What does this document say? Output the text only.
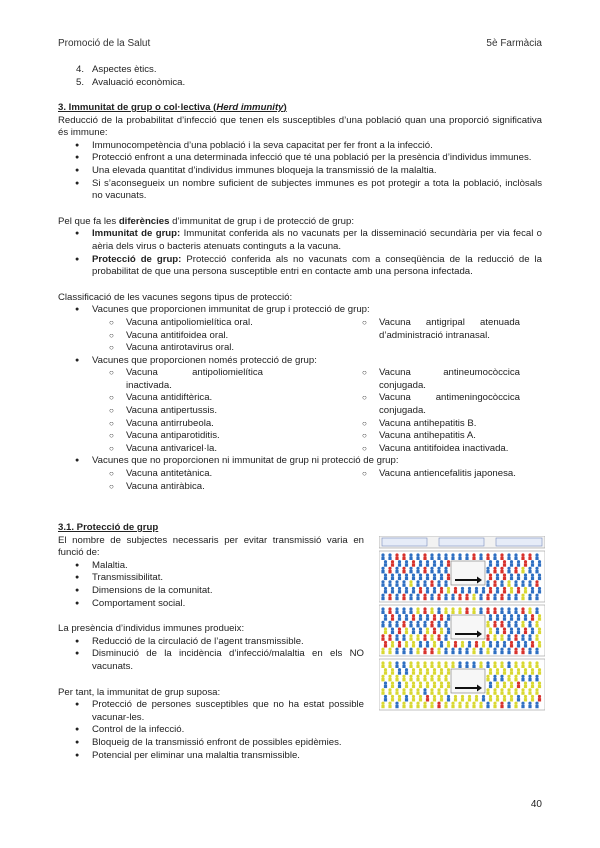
Promoció de la Salut	5è Farmàcia
4. Aspectes ètics.
5. Avaluació econòmica.

3. Immunitat de grup o col·lectiva (Herd immunity)

Reducció de la probabilitat d’infecció que tenen els susceptibles d’una població quan una proporció significativa és immune:

● Immunocompetència d’una població i la seva capacitat per fer front a la infecció.
● Protecció enfront a una determinada infecció que té una població per la presència d’individus immunes.
● Una elevada quantitat d’individus immunes bloqueja la transmissió de la malaltia.
● Si s’aconsegueix un nombre suficient de subjectes immunes es pot protegir a tota la població, inclòsals no vacunats.

Pel que fa les diferències d’immunitat de grup i de protecció de grup:

● Immunitat de grup: Immunitat conferida als no vacunats per la disseminació secundària per via fecal o aèria dels virus o bacteris atenuats continguts a la vacuna.
● Protecció de grup: Protecció conferida als no vacunats com a conseqüència de la reducció de la probabilitat de que una persona susceptible entri en contacte amb una persona infectada.

Classificació de les vacunes segons tipus de protecció:

● Vacunes que proporcionen immunitat de grup i protecció de grup:
○ Vacuna antipoliomielítica oral.
○ Vacuna antitifoidea oral.
○ Vacuna antirotavirus oral.
○ Vacuna antigripal atenuada d’administració intranasal.
● Vacunes que proporcionen només protecció de grup:
○ Vacuna antipoliomielítica inactivada.
○ Vacuna antidiftèrica.
○ Vacuna antipertussis.
○ Vacuna antirrubeola.
○ Vacuna antiparotiditis.
○ Vacuna antivaricel·la.
○ Vacuna antineumocòccica conjugada.
○ Vacuna antimeningocòccica conjugada.
○ Vacuna antihepatitis B.
○ Vacuna antihepatitis A.
○ Vacuna antitifoidea inactivada.
● Vacunes que no proporcionen ni immunitat de grup ni protecció de grup:
○ Vacuna antitetànica.
○ Vacuna antiràbica.
○ Vacuna antiencefalitis japonesa.

3.1. Protecció de grup

El nombre de subjectes necessaris per evitar transmissió varia en funció de:

● Malaltia.
● Transmissibilitat.
● Dimensions de la comunitat.
● Comportament social.

La presència d’individus immunes produeix:

● Reducció de la circulació de l’agent transmissible.
● Disminució de la incidència d’infecció/malaltia en els NO vacunats.

Per tant, la immunitat de grup suposa:

● Protecció de persones susceptibles que no ha estat possible vacunar-les.
● Control de la infecció.
● Bloqueig de la transmissió enfront de possibles epidèmies.
● Potencial per eliminar una malaltia transmissible.
40
